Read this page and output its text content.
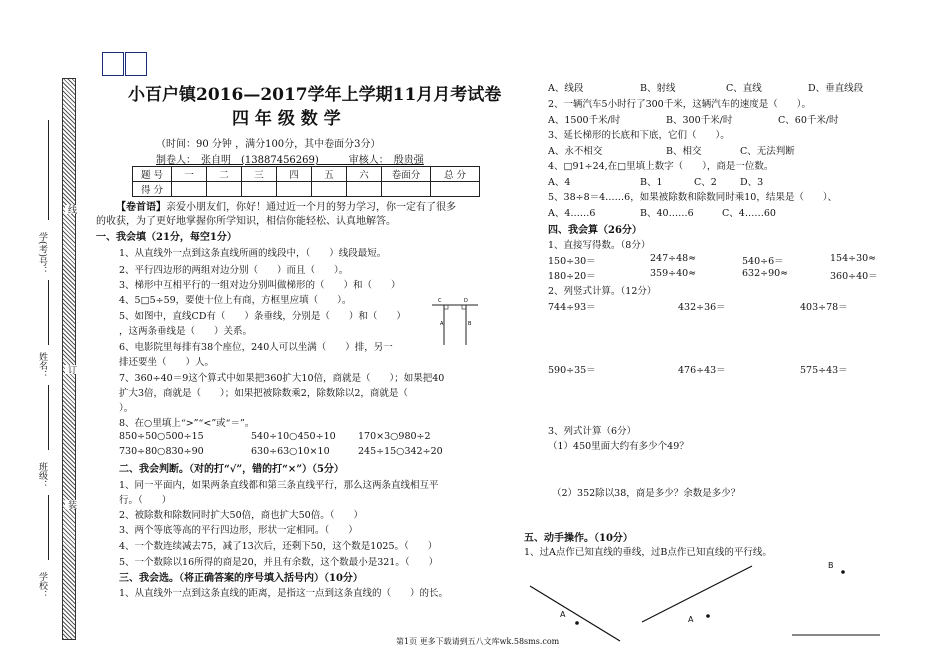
线
订
装
学(考)号：
姓名：
班级：
学校：
小百户镇2016—2017学年上学期11月月考试卷
四 年 级 数 学
（时间：90 分钟 ，满分100分，其中卷面分3分）
制卷人：　张自明　(13887456269)　　　审核人：　殷贵强
题 号	一	二	三	四	五	六	卷面分	总 分
得 分								
【卷首语】亲爱小朋友们，你好！通过近一个月的努力学习，你一定有了很多
的收获，为了更好地掌握你所学知识，相信你能轻松、认真地解答。
一、我会填（21分，每空1分）
1、从直线外一点到这条直线所画的线段中，（　　）线段最短。
2、平行四边形的两组对边分别（　　）而且（　　）。
3、梯形中互相平行的一组对边分别叫做梯形的（　　）和（　　）
4、5□5÷59，要使十位上有商，方框里应填（　　）。
5、如图中，直线CD有（　　）条垂线，分别是（　　）和（　　）
，这两条垂线是（　　）关系。
C	D
A	B
6、电影院里每排有38个座位，240人可以坐满（　　）排，另一
排还要坐（　　）人。
7、360÷40＝9这个算式中如果把360扩大10倍，商就是（　　）；如果把40
扩大3倍，商就是（　　）；如果把被除数乘2，除数除以2，商就是（
）。
8、在○里填上“>”“<”或“＝”。
850÷50○500÷15	540÷10○450÷10 170×3○980÷2
730÷80○830÷90	630÷63○10×10	245÷15○342÷20
二、我会判断。（对的打“√”，错的打“×”）（5分）
1、同一平面内，如果两条直线都和第三条直线平行，那么这两条直线相互平
行。（　　）
2、被除数和除数同时扩大50倍，商也扩大50倍。（　　）
3、两个等底等高的平行四边形，形状一定相同。（　　）
4、一个数连续减去75，减了13次后，还剩下50，这个数是1025。（　　）
5、一个数除以16所得的商是20，并且有余数，这个数最小是321。（　　）
三、我会选。（将正确答案的序号填入括号内）（10分）
1、从直线外一点到这条直线的距离，是指这一点到这条直线的（　　）的长。
A、线段	B、射线	C、直线	D、垂直线段
2、一辆汽车5小时行了300千米，这辆汽车的速度是（　　）。
A、1500千米/时	B、300千米/时	C、60千米/时
3、延长梯形的长底和下底，它们（　　）。
A、永不相交	B、相交	C、无法判断
4、□91÷24,在□里填上数字（　　），商是一位数。
A、4	B、1	C、2 D、3
5、38÷8＝4……6，如果被除数和除数同时乘10，结果是（　　）、
A、4……6	B、40……6	C、4……60
四、我会算（26分）
1、直接写得数。（8分）
150÷30＝	247÷48≈	540÷6＝	154÷30≈
180÷20＝	359÷40≈	632÷90≈	360÷40＝
2、列竖式计算。（12分）
744÷93＝	432÷36＝	403÷78＝
590÷35＝	476÷43＝	575÷43＝
3、列式计算（6分）
（1）450里面大约有多少个49？
（2）352除以38，商是多少？余数是多少？
五、动手操作。（10分）
1、过A点作已知直线的垂线，过B点作已知直线的平行线。
A
B
A
第1页 更多下载请到五八文库wk.58sms.com
